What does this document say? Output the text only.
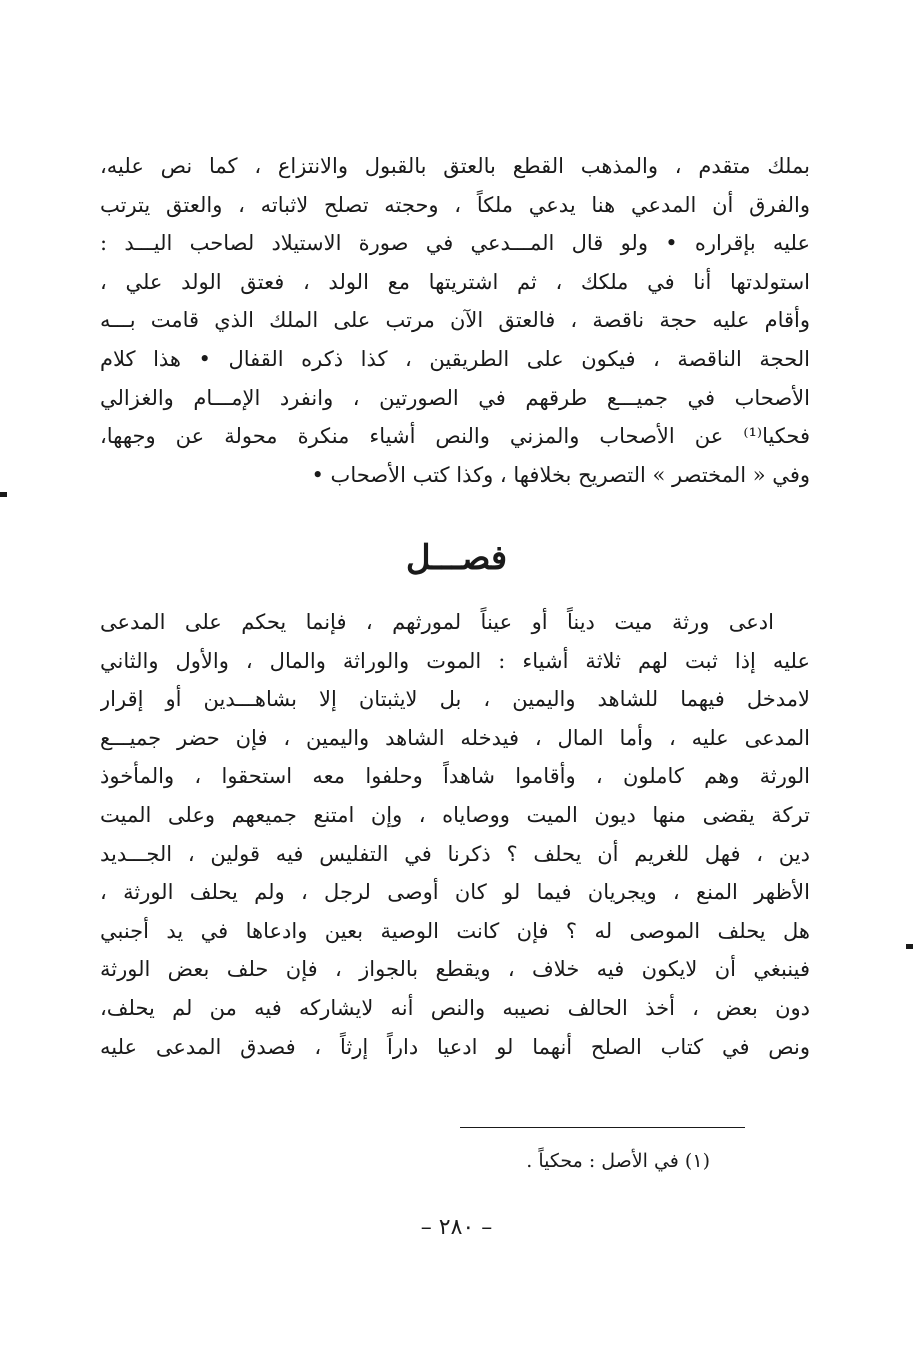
بملك متقدم ، والمذهب القطع بالعتق بالقبول والانتزاع ، كما نص عليه،
والفرق أن المدعي هنا يدعي ملكاً ، وحجته تصلح لاثباته ، والعتق يترتب
عليه بإقراره • ولو قال المـــدعي في صورة الاستيلاد لصاحب اليـــد :
استولدتها أنا في ملكك ، ثم اشتريتها مع الولد ، فعتق الولد علي ،
وأقام عليه حجة ناقصة ، فالعتق الآن مرتب على الملك الذي قامت بـــه
الحجة الناقصة ، فيكون على الطريقين ، كذا ذكره القفال • هذا كلام
الأصحاب في جميـــع طرقهم في الصورتين ، وانفرد الإمـــام والغزالي
فحكيا⁽¹⁾ عن الأصحاب والمزني والنص أشياء منكرة محولة عن وجهها،
وفي « المختصر » التصريح بخلافها ، وكذا كتب الأصحاب •
فصـــل
ادعى ورثة ميت ديناً أو عيناً لمورثهم ، فإنما يحكم على المدعى
عليه إذا ثبت لهم ثلاثة أشياء : الموت والوراثة والمال ، والأول والثاني
لامدخل فيهما للشاهد واليمين ، بل لايثبتان إلا بشاهـــدين أو إقرار
المدعى عليه ، وأما المال ، فيدخله الشاهد واليمين ، فإن حضر جميـــع
الورثة وهم كاملون ، وأقاموا شاهداً وحلفوا معه استحقوا ، والمأخوذ
تركة يقضى منها ديون الميت ووصاياه ، وإن امتنع جميعهم وعلى الميت
دين ، فهل للغريم أن يحلف ؟ ذكرنا في التفليس فيه قولين ، الجـــديد
الأظهر المنع ، ويجريان فيما لو كان أوصى لرجل ، ولم يحلف الورثة ،
هل يحلف الموصى له ؟ فإن كانت الوصية بعين وادعاها في يد أجنبي
فينبغي أن لايكون فيه خلاف ، ويقطع بالجواز ، فإن حلف بعض الورثة
دون بعض ، أخذ الحالف نصيبه والنص أنه لايشاركه فيه من لم يحلف،
ونص في كتاب الصلح أنهما لو ادعيا داراً إرثاً ، فصدق المدعى عليه
(١) في الأصل : محكياً .
– ٢٨٠ –
